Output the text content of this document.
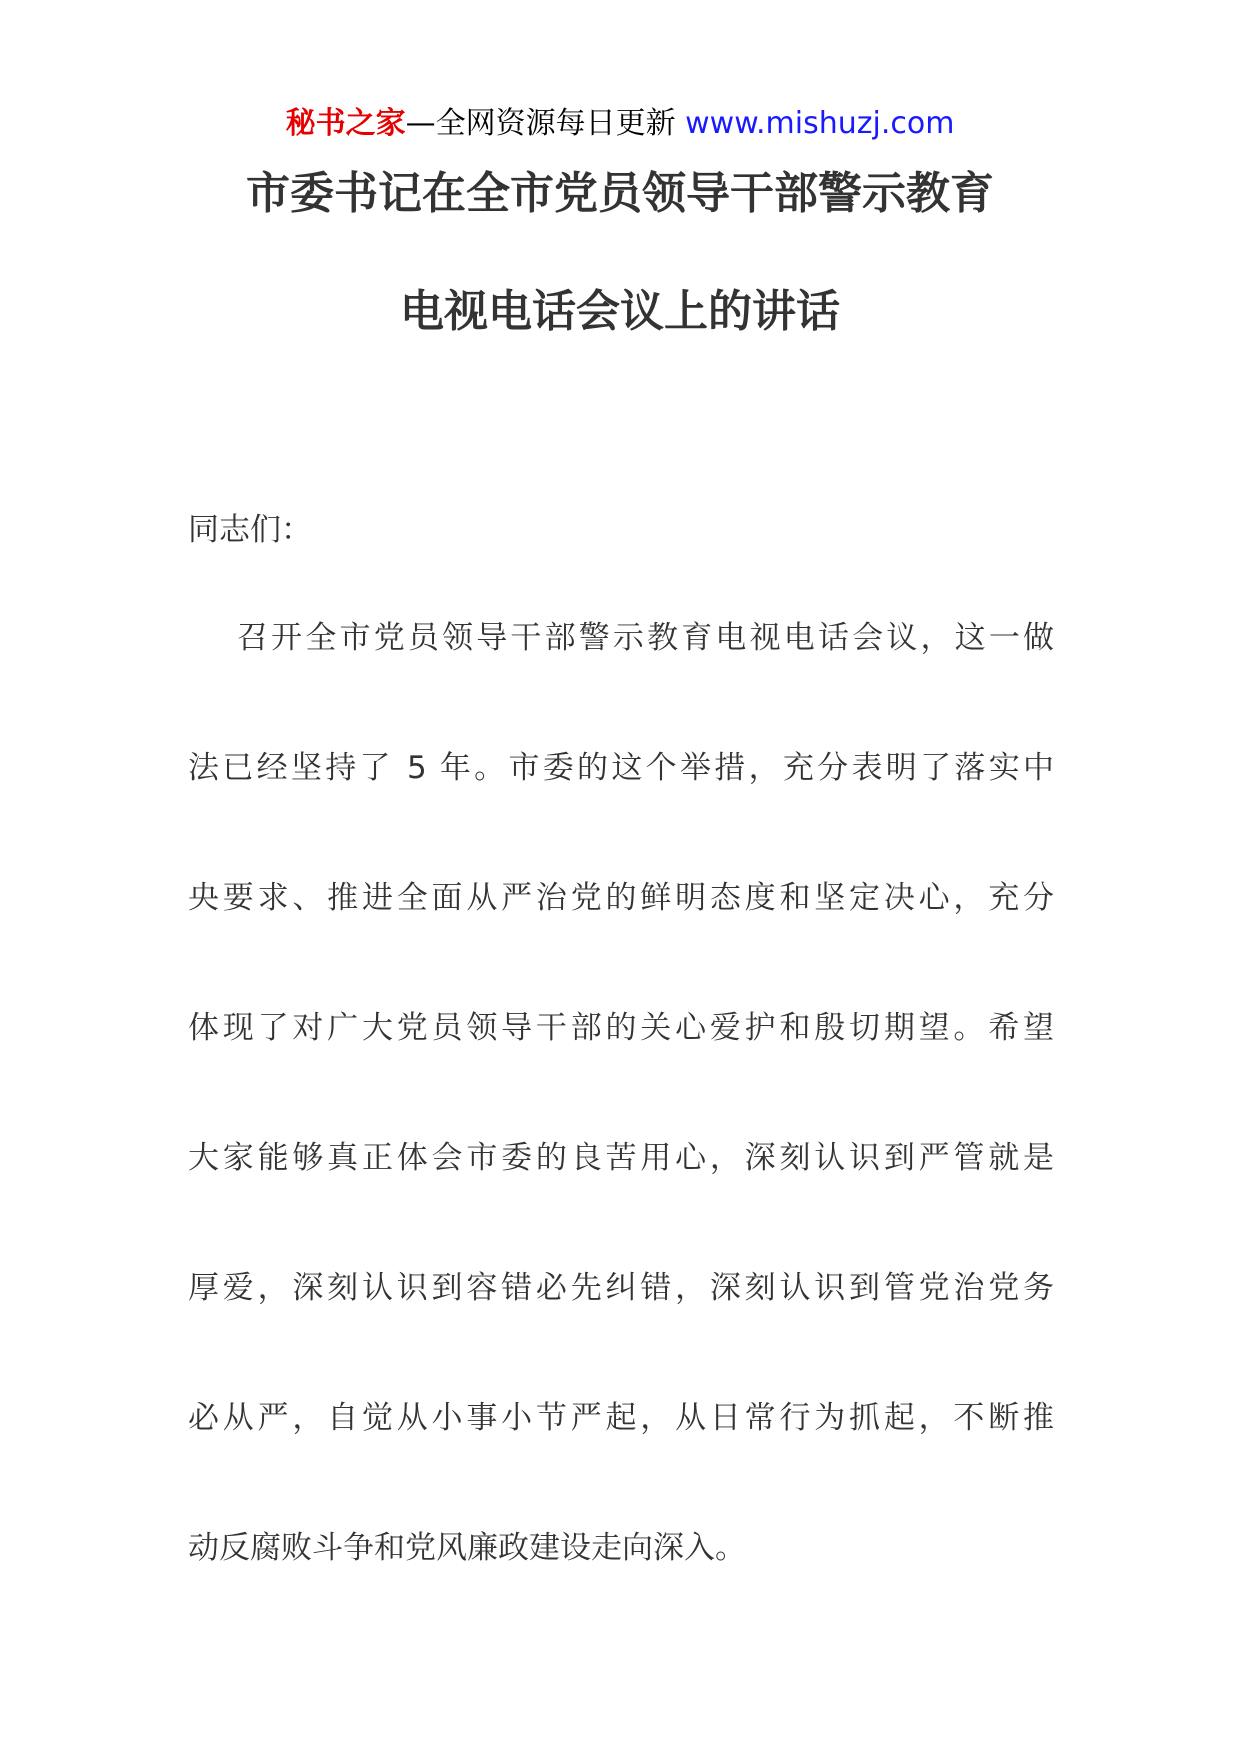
秘书之家—全网资源每日更新 www.mishuzj.com
市委书记在全市党员领导干部警示教育
电视电话会议上的讲话
同志们：
召开全市党员领导干部警示教育电视电话会议，这一做
法已经坚持了 5 年。市委的这个举措，充分表明了落实中
央要求、推进全面从严治党的鲜明态度和坚定决心，充分
体现了对广大党员领导干部的关心爱护和殷切期望。希望
大家能够真正体会市委的良苦用心，深刻认识到严管就是
厚爱，深刻认识到容错必先纠错，深刻认识到管党治党务
必从严，自觉从小事小节严起，从日常行为抓起，不断推
动反腐败斗争和党风廉政建设走向深入。
